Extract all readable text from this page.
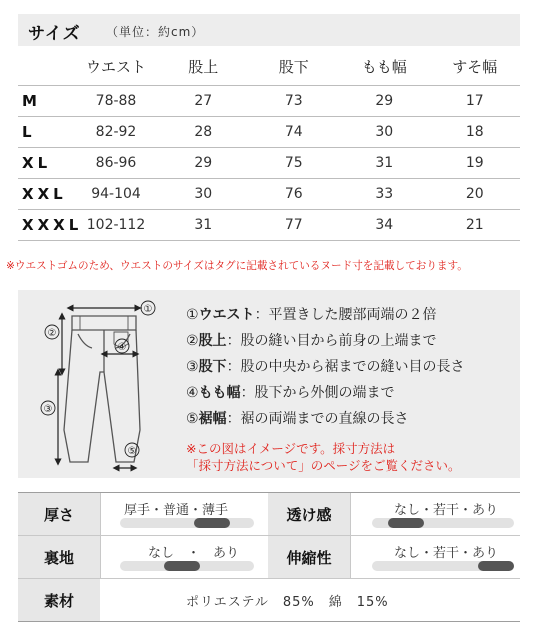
サイズ （単位：約cm）
	ウエスト	股上	股下	もも幅	すそ幅
M	78-88	27	73	29	17
L	82-92	28	74	30	18
XL	86-96	29	75	31	19
XXL	94-104	30	76	33	20
XXXL	102-112	31	77	34	21
※ウエストゴムのため、ウエストのサイズはタグに記載されているヌード寸を記載しております。
①
②
③
④
⑤
①ウエスト：平置きした腰部両端の２倍
②股上：股の縫い目から前身の上端まで
③股下：股の中央から裾までの縫い目の長さ
④もも幅：股下から外側の端まで
⑤裾幅：裾の両端までの直線の長さ
※この図はイメージです。採寸方法は
「採寸方法について」のページをご覧ください。
厚さ	厚手・普通・薄手	透け感	なし・若干・あり
裏地	なし　・　あり	伸縮性	なし・若干・あり
素材	ポリエステル　85%　綿　15%
